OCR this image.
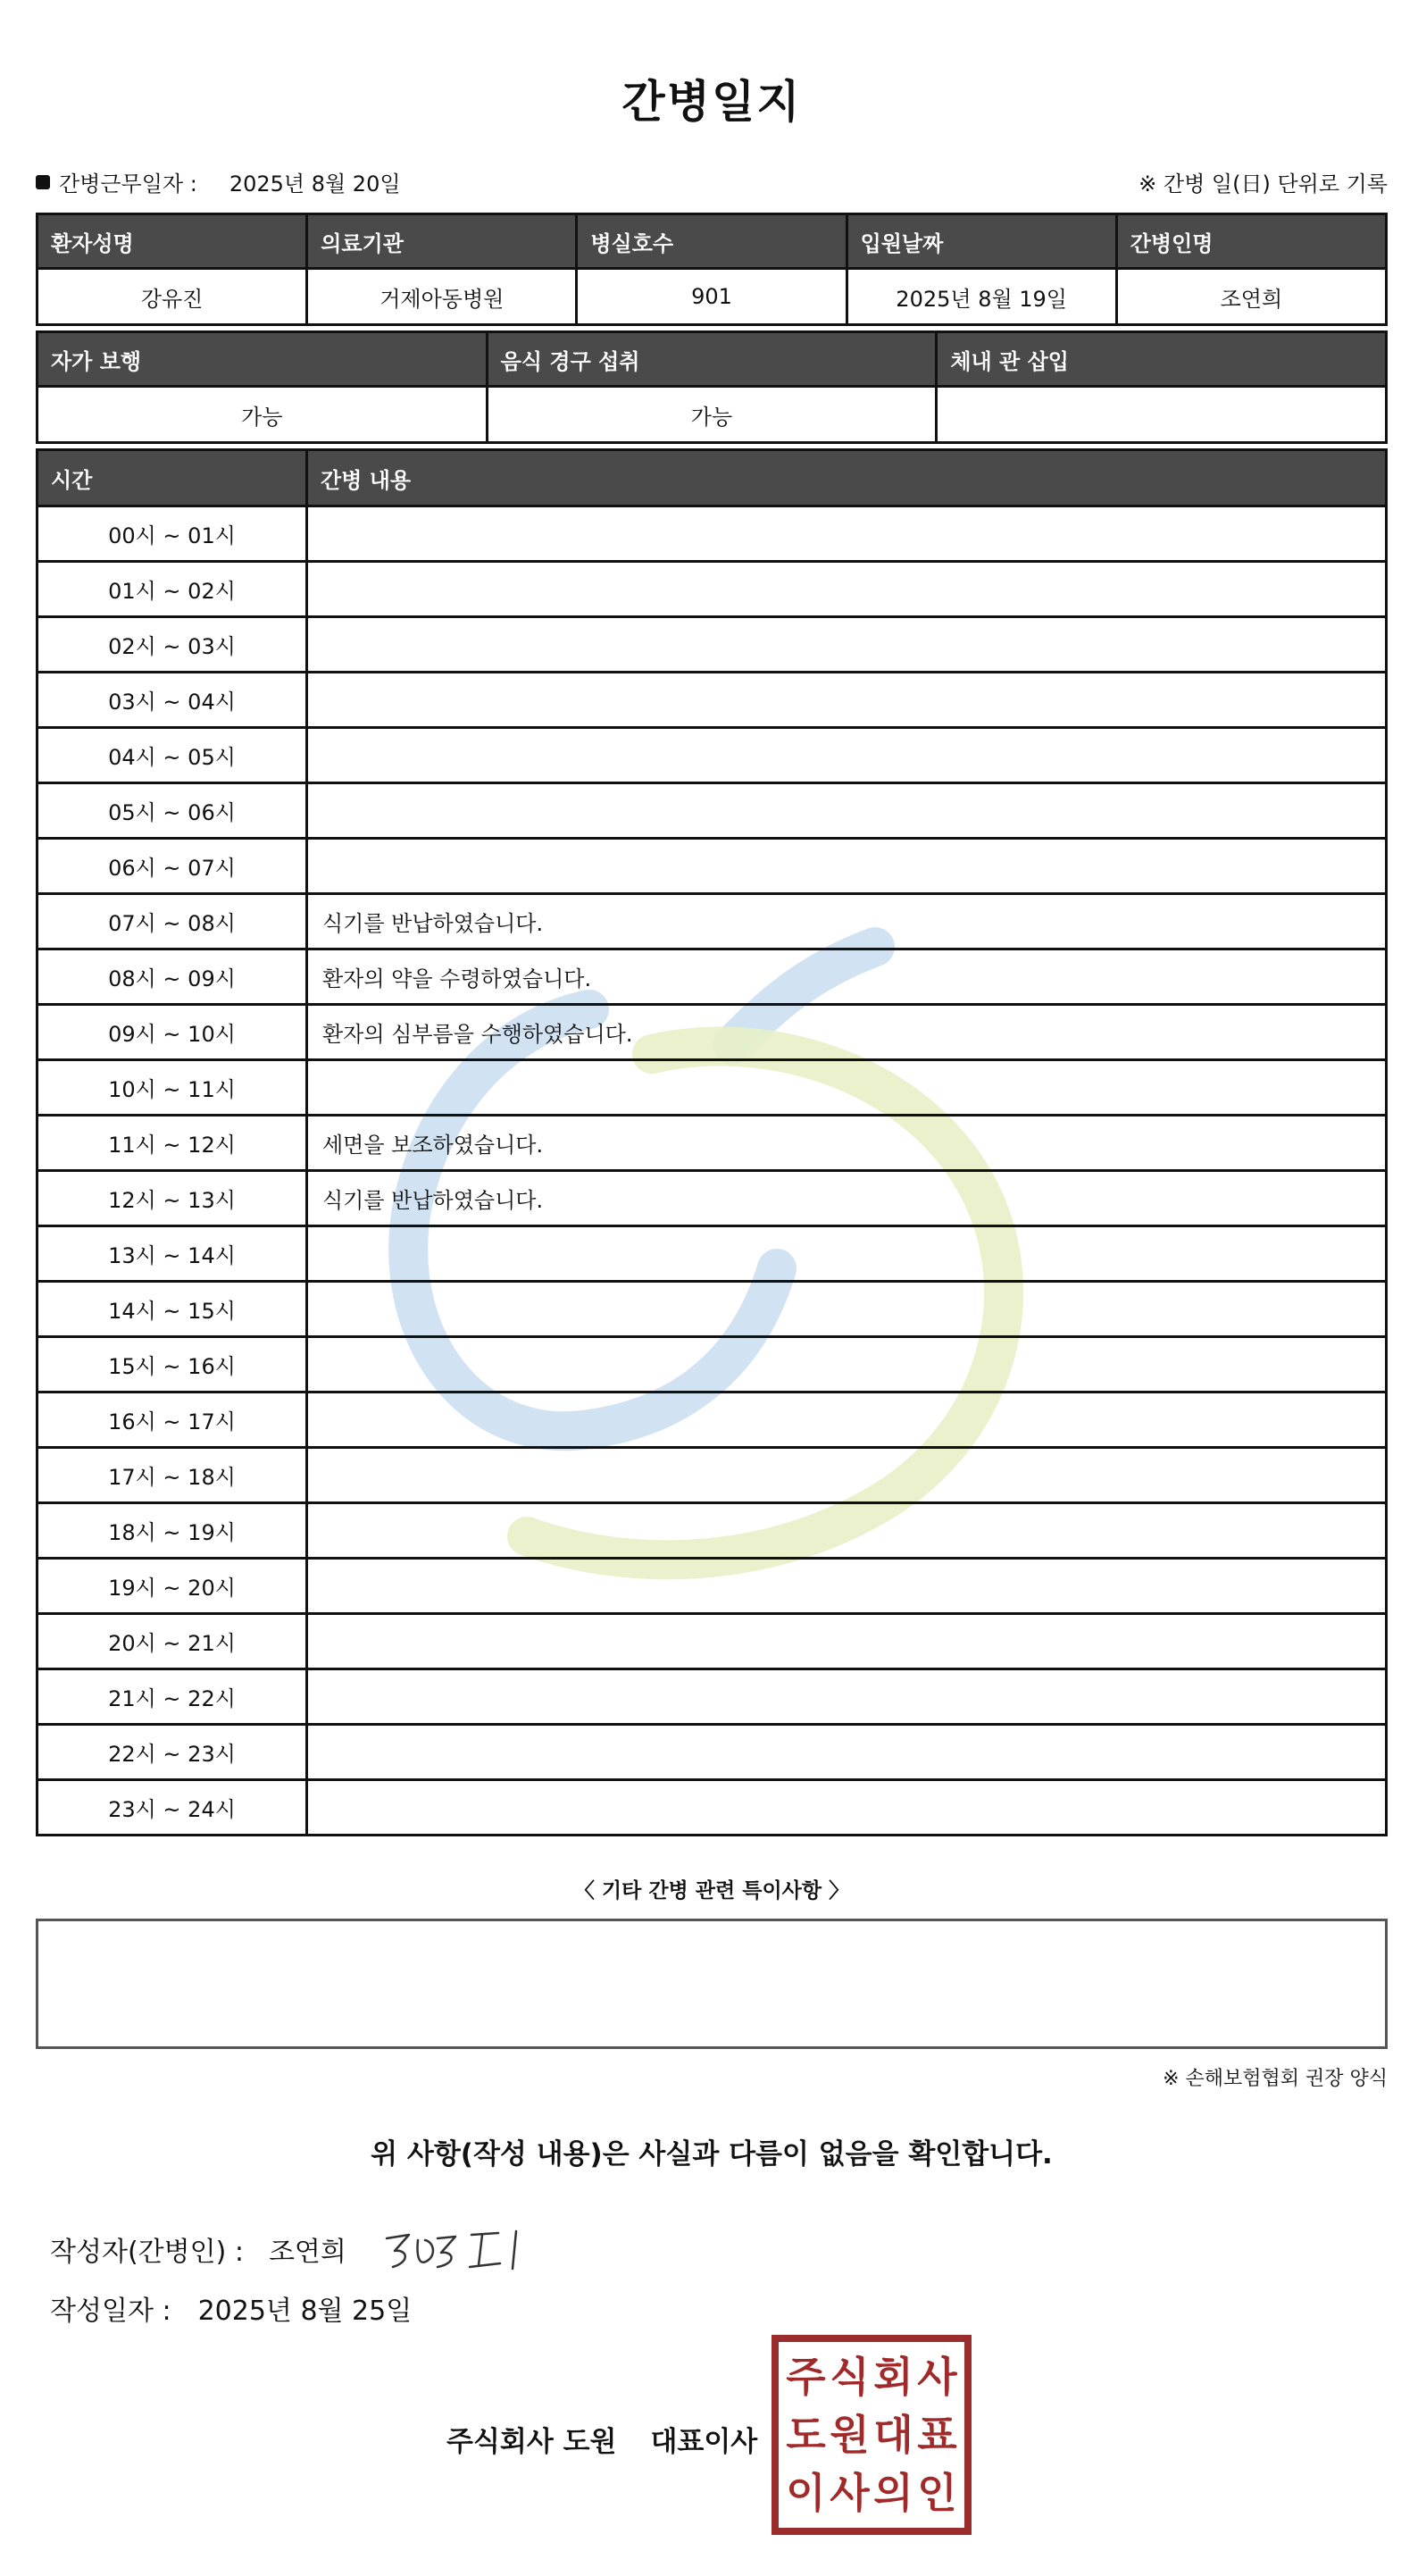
간병일지
간병근무일자 : 2025년 8월 20일	※ 간병 일(日) 단위로 기록
환자성명	의료기관	병실호수	입원날짜	간병인명
강유진	거제아동병원	901	2025년 8월 19일	조연희
자가 보행	음식 경구 섭취	체내 관 삽입
가능	가능	
시간	간병 내용
00시 ~ 01시	
01시 ~ 02시	
02시 ~ 03시	
03시 ~ 04시	
04시 ~ 05시	
05시 ~ 06시	
06시 ~ 07시	
07시 ~ 08시	식기를 반납하였습니다.
08시 ~ 09시	환자의 약을 수령하였습니다.
09시 ~ 10시	환자의 심부름을 수행하였습니다.
10시 ~ 11시	
11시 ~ 12시	세면을 보조하였습니다.
12시 ~ 13시	식기를 반납하였습니다.
13시 ~ 14시	
14시 ~ 15시	
15시 ~ 16시	
16시 ~ 17시	
17시 ~ 18시	
18시 ~ 19시	
19시 ~ 20시	
20시 ~ 21시	
21시 ~ 22시	
22시 ~ 23시	
23시 ~ 24시	
〈 기타 간병 관련 특이사항 〉
※ 손해보험협회 권장 양식
위 사항(작성 내용)은 사실과 다름이 없음을 확인합니다.
작성자(간병인) : 조연희
작성일자 : 2025년 8월 25일
주식회사 도원 대표이사
주 식 회 사
도 원 대 표
이 사 의 인
